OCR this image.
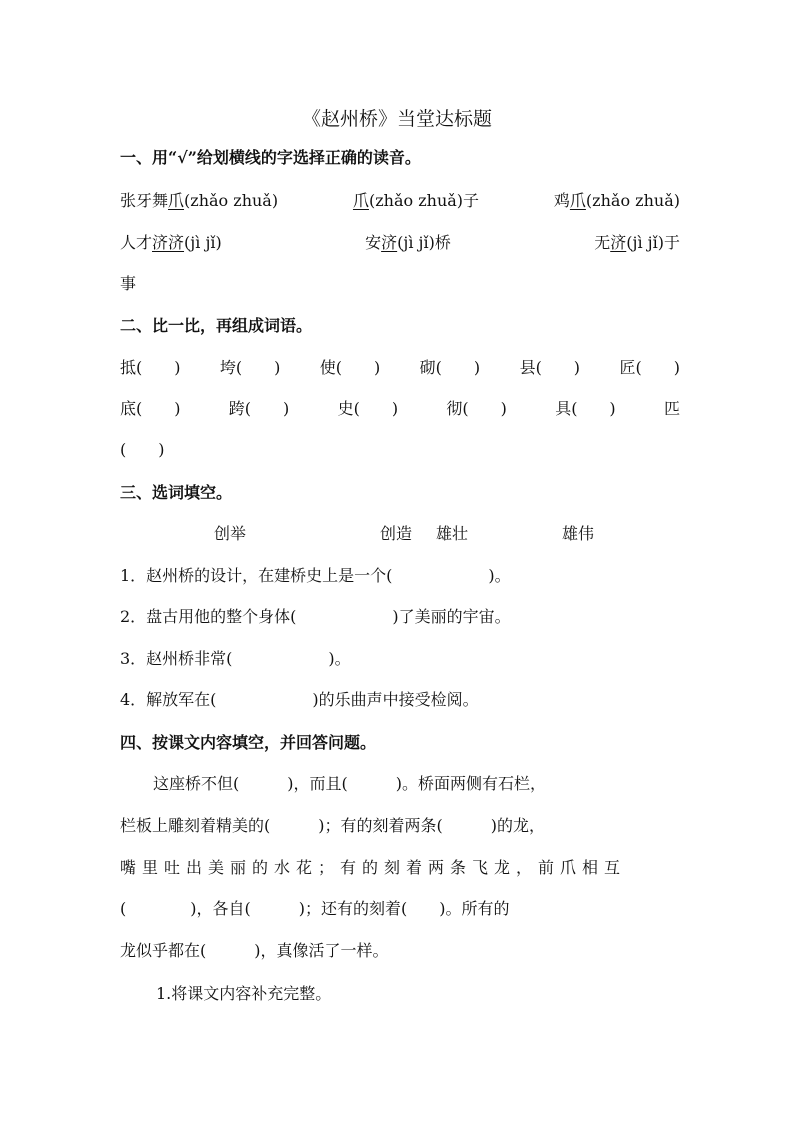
《赵州桥》当堂达标题
一、用“√”给划横线的字选择正确的读音。
张牙舞爪(zhǎo zhuǎ)	爪(zhǎo zhuǎ)子	鸡爪(zhǎo zhuǎ)
人才济济(jì jǐ)	安济(jì jǐ)桥	无济(jì jǐ)于
事
二、比一比，再组成词语。
抵(　　) 垮(　　) 使(　　) 砌(　　) 县(　　) 匠(　　)
底(　　)	跨(　　)	史(　　)	彻(　　)	具(　　)	匹
(　　)
三、选词填空。
创举	创造 雄壮	雄伟
1．赵州桥的设计，在建桥史上是一个(　　　　　　)。
2．盘古用他的整个身体(　　　　　　)了美丽的宇宙。
3．赵州桥非常(　　　　　　)。
4．解放军在(　　　　　　)的乐曲声中接受检阅。
四、按课文内容填空，并回答问题。
这座桥不但(　　　)，而且(　　　)。桥面两侧有石栏，
栏板上雕刻着精美的(　　　)；有的刻着两条(　　　)的龙，
嘴里吐出美丽的水花；有的刻着两条飞龙，前爪相互
(　　　　)，各自(　　　)；还有的刻着(　　)。所有的
龙似乎都在(　　　)，真像活了一样。
1.将课文内容补充完整。
